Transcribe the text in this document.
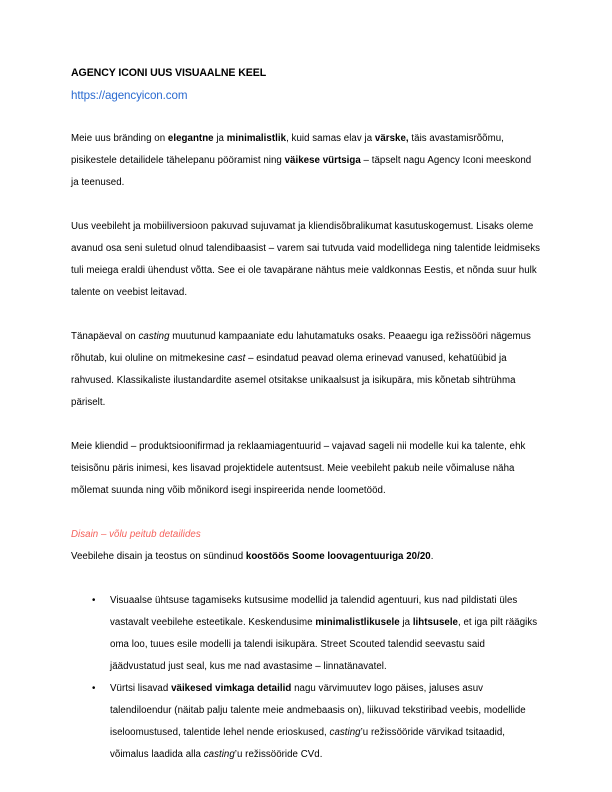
AGENCY ICONI UUS VISUAALNE KEEL
https://agencyicon.com

Meie uus bränding on elegantne ja minimalistlik, kuid samas elav ja värske, täis avastamisrõõmu, pisikestele detailidele tähelepanu pööramist ning väikese vürtsiga – täpselt nagu Agency Iconi meeskond ja teenused.

Uus veebileht ja mobiiliversioon pakuvad sujuvamat ja kliendisõbralikumat kasutuskogemust. Lisaks oleme avanud osa seni suletud olnud talendibaasist – varem sai tutvuda vaid modellidega ning talentide leidmiseks tuli meiega eraldi ühendust võtta. See ei ole tavapärane nähtus meie valdkonnas Eestis, et nõnda suur hulk talente on veebist leitavad.

Tänapäeval on casting muutunud kampaaniate edu lahutamatuks osaks. Peaaegu iga režissööri nägemus rõhutab, kui oluline on mitmekesine cast – esindatud peavad olema erinevad vanused, kehatüübid ja rahvused. Klassikaliste ilustandardite asemel otsitakse unikaalsust ja isikupära, mis kõnetab sihtrühma päriselt.

Meie kliendid – produktsioonifirmad ja reklaamiagentuurid – vajavad sageli nii modelle kui ka talente, ehk teisisõnu päris inimesi, kes lisavad projektidele autentsust. Meie veebileht pakub neile võimaluse näha mõlemat suunda ning võib mõnikord isegi inspireerida nende loometööd.

Disain – võlu peitub detailides

Veebilehe disain ja teostus on sündinud koostöös Soome loovagentuuriga 20/20.

• Visuaalse ühtsuse tagamiseks kutsusime modellid ja talendid agentuuri, kus nad pildistati üles vastavalt veebilehe esteetikale. Keskendusime minimalistlikusele ja lihtsusele, et iga pilt räägiks oma loo, tuues esile modelli ja talendi isikupära. Street Scouted talendid seevastu said jäädvustatud just seal, kus me nad avastasime – linnatänavatel.
• Vürtsi lisavad väikesed vimkaga detailid nagu värvimuutev logo päises, jaluses asuv talendiloendur (näitab palju talente meie andmebaasis on), liikuvad tekstiribad veebis, modellide iseloomustused, talentide lehel nende erioskused, casting’u režissööride värvikad tsitaadid, võimalus laadida alla casting’u režissööride CVd.
